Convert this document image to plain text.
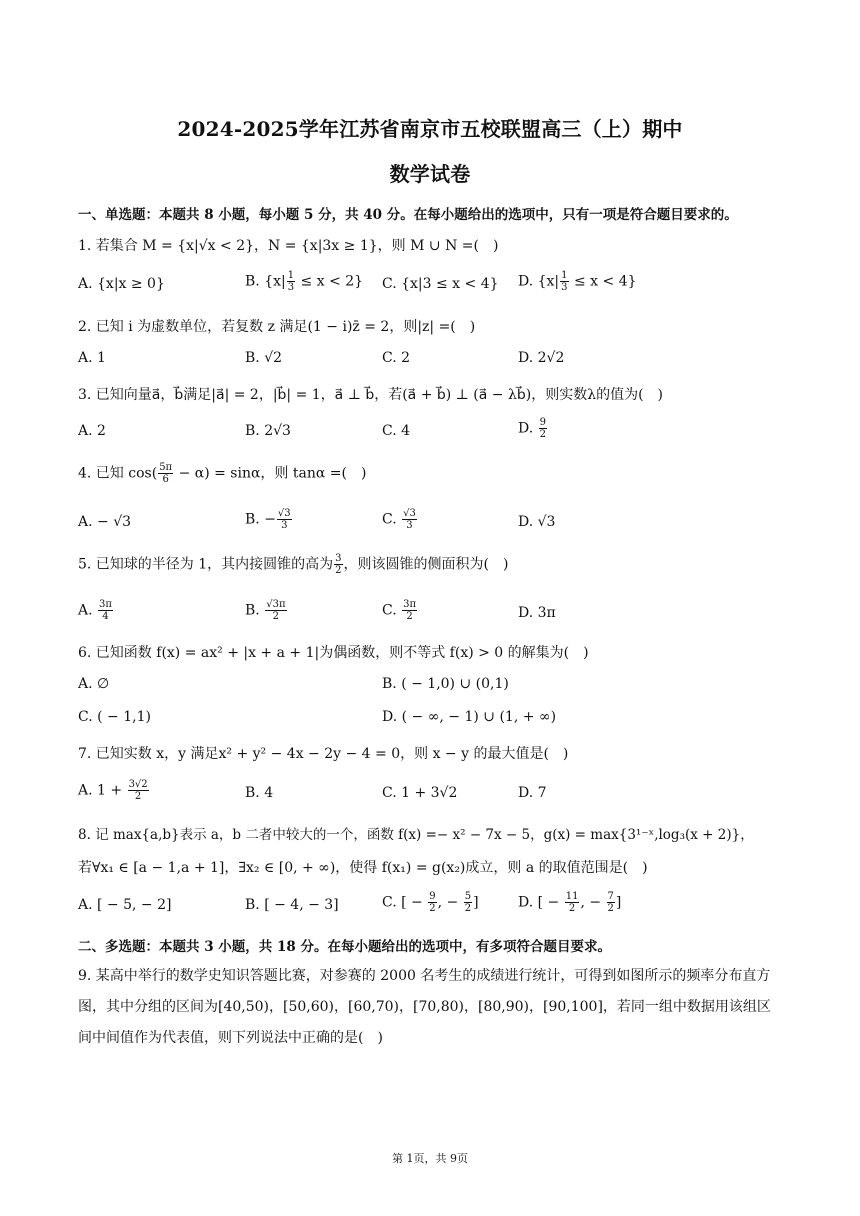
2024-2025学年江苏省南京市五校联盟高三（上）期中
数学试卷
一、单选题：本题共 8 小题，每小题 5 分，共 40 分。在每小题给出的选项中，只有一项是符合题目要求的。
1. 若集合 M = {x|√x < 2}，N = {x|3x ≥ 1}，则 M ∪ N =(　)
A. {x|x ≥ 0}	B. $\{x| \frac{1}{3} \le x < 2\}$ C. {x|3 ≤ x < 4} D. $\{x| \frac{1}{3} \le x < 4\}$
2. 已知 i 为虚数单位，若复数 z 满足(1 − i)z̄ = 2，则|z| =(　)
A. 1	B. √2	C. 2	D. 2√2
3. 已知向量a⃗，b⃗满足|a⃗| = 2，|b⃗| = 1，a⃗ ⊥ b⃗，若(a⃗ + b⃗) ⊥ (a⃗ − λb⃗)，则实数λ的值为(　)
A. 2	B. 2√3	C. 4	D. $\frac{9}{2}$
4. 已知 $\cos( \frac{5\pi}{6} - \alpha) = \sin\alpha$，则 tanα =(　)
A. − √3	B. − $\frac{√3}{3}$	C. $\frac{√3}{3}$	D. √3
5. 已知球的半径为 1，其内接圆锥的高为 $\frac{3}{2}$ ，则该圆锥的侧面积为(　)
A. $\frac{3\pi}{4}$	B. $\frac{√3\pi}{2}$	C. $\frac{3\pi}{2}$	D. 3π
6. 已知函数 f(x) = ax² + |x + a + 1|为偶函数，则不等式 f(x) > 0 的解集为(　)
A. ∅	B. ( − 1,0) ∪ (0,1)
C. ( − 1,1)	D. ( − ∞, − 1) ∪ (1, + ∞)
7. 已知实数 x，y 满足x² + y² − 4x − 2y − 4 = 0，则 x − y 的最大值是(　)
A. $1 + \frac{3√2}{2}$	B. 4	C. 1 + 3√2	D. 7
8. 记 max{a,b}表示 a，b 二者中较大的一个，函数 f(x) =− x² − 7x − 5，g(x) = max{3¹⁻ˣ,log₃(x + 2)}，
若∀x₁ ∈ [a − 1,a + 1]，∃x₂ ∈ [0, + ∞)，使得 f(x₁) = g(x₂)成立，则 a 的取值范围是(　)
A. [ − 5, − 2]	B. [ − 4, − 3]	C. [ − $\frac{9}{2}$ , − $\frac{5}{2}$ ]	D. [ − $\frac{11}{2}$ , − $\frac{7}{2}$ ]
二、多选题：本题共 3 小题，共 18 分。在每小题给出的选项中，有多项符合题目要求。
9. 某高中举行的数学史知识答题比赛，对参赛的 2000 名考生的成绩进行统计，可得到如图所示的频率分布直方图，其中分组的区间为[40,50)，[50,60)，[60,70)，[70,80)，[80,90)，[90,100]，若同一组中数据用该组区间中间值作为代表值，则下列说法中正确的是(　)
第 1页，共 9页
